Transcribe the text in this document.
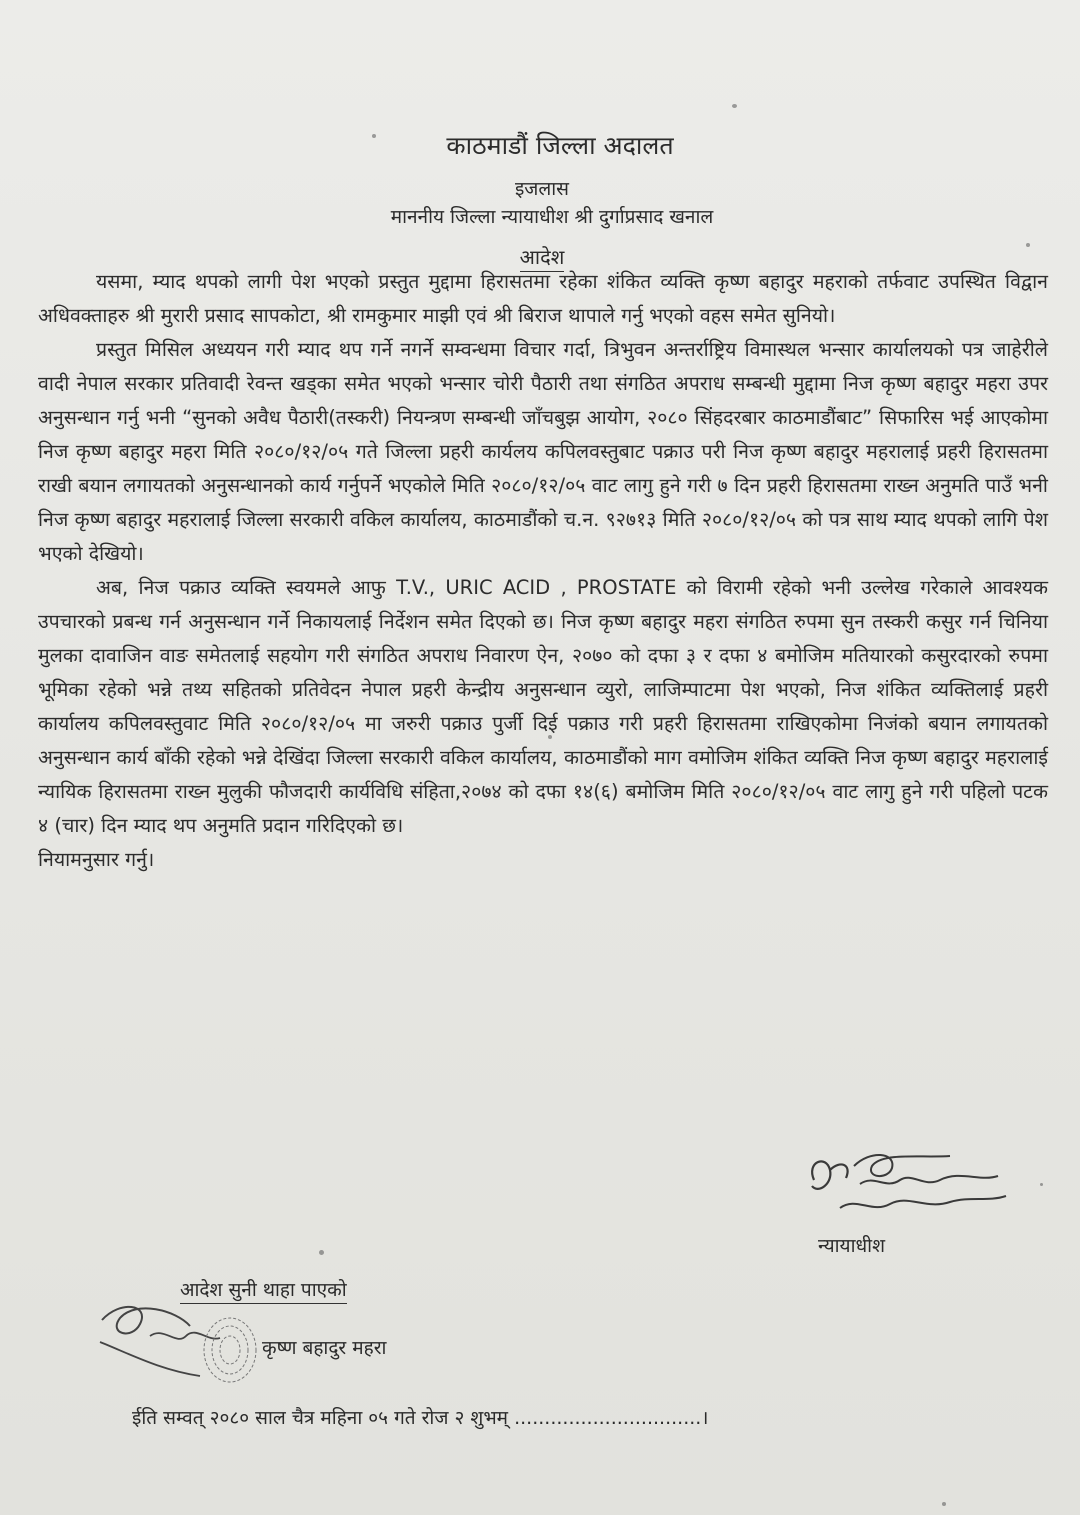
काठमाडौं जिल्ला अदालत
इजलास
माननीय जिल्ला न्यायाधीश श्री दुर्गाप्रसाद खनाल
आदेश

यसमा, म्याद थपको लागी पेश भएको प्रस्तुत मुद्दामा हिरासतमा रहेका शंकित व्यक्ति कृष्ण बहादुर महराको तर्फवाट उपस्थित विद्वान अधिवक्ताहरु श्री मुरारी प्रसाद सापकोटा, श्री रामकुमार माझी एवं श्री बिराज थापाले गर्नु भएको वहस समेत सुनियो।

प्रस्तुत मिसिल अध्ययन गरी म्याद थप गर्ने नगर्ने सम्वन्धमा विचार गर्दा, त्रिभुवन अन्तर्राष्ट्रिय विमास्थल भन्सार कार्यालयको पत्र जाहेरीले वादी नेपाल सरकार प्रतिवादी रेवन्त खड्का समेत भएको भन्सार चोरी पैठारी तथा संगठित अपराध सम्बन्धी मुद्दामा निज कृष्ण बहादुर महरा उपर अनुसन्धान गर्नु भनी “सुनको अवैध पैठारी(तस्करी) नियन्त्रण सम्बन्धी जाँचबुझ आयोग, २०८० सिंहदरबार काठमाडौंबाट” सिफारिस भई आएकोमा निज कृष्ण बहादुर महरा मिति २०८०/१२/०५ गते जिल्ला प्रहरी कार्यलय कपिलवस्तुबाट पक्राउ परी निज कृष्ण बहादुर महरालाई प्रहरी हिरासतमा राखी बयान लगायतको अनुसन्धानको कार्य गर्नुपर्ने भएकोले मिति २०८०/१२/०५ वाट लागु हुने गरी ७ दिन प्रहरी हिरासतमा राख्न अनुमति पाउँ भनी निज कृष्ण बहादुर महरालाई जिल्ला सरकारी वकिल कार्यालय, काठमाडौंको च.न. ९२७१३ मिति २०८०/१२/०५ को पत्र साथ म्याद थपको लागि पेश भएको देखियो।

अब, निज पक्राउ व्यक्ति स्वयमले आफु T.V., URIC ACID , PROSTATE को विरामी रहेको भनी उल्लेख गरेकाले आवश्यक उपचारको प्रबन्ध गर्न अनुसन्धान गर्ने निकायलाई निर्देशन समेत दिएको छ। निज कृष्ण बहादुर महरा संगठित रुपमा सुन तस्करी कसुर गर्न चिनिया मुलका दावाजिन वाङ समेतलाई सहयोग गरी संगठित अपराध निवारण ऐन, २०७० को दफा ३ र दफा ४ बमोजिम मतियारको कसुरदारको रुपमा भूमिका रहेको भन्ने तथ्य सहितको प्रतिवेदन नेपाल प्रहरी केन्द्रीय अनुसन्धान व्युरो, लाजिम्पाटमा पेश भएको, निज शंकित व्यक्तिलाई प्रहरी कार्यालय कपिलवस्तुवाट मिति २०८०/१२/०५ मा जरुरी पक्राउ पुर्जी दिई पक्राउ गरी प्रहरी हिरासतमा राखिएकोमा निजंको बयान लगायतको अनुसन्धान कार्य बाँकी रहेको भन्ने देखिंदा जिल्ला सरकारी वकिल कार्यालय, काठमाडौंको माग वमोजिम शंकित व्यक्ति निज कृष्ण बहादुर महरालाई न्यायिक हिरासतमा राख्न मुलुकी फौजदारी कार्यविधि संहिता,२०७४ को दफा १४(६) बमोजिम मिति २०८०/१२/०५ वाट लागु हुने गरी पहिलो पटक ४ (चार) दिन म्याद थप अनुमति प्रदान गरिदिएको छ।

नियामनुसार गर्नु।

न्यायाधीश
आदेश सुनी थाहा पाएको
कृष्ण बहादुर महरा
ईति सम्वत् २०८० साल चैत्र महिना ०५ गते रोज २ शुभम् ...............................।
